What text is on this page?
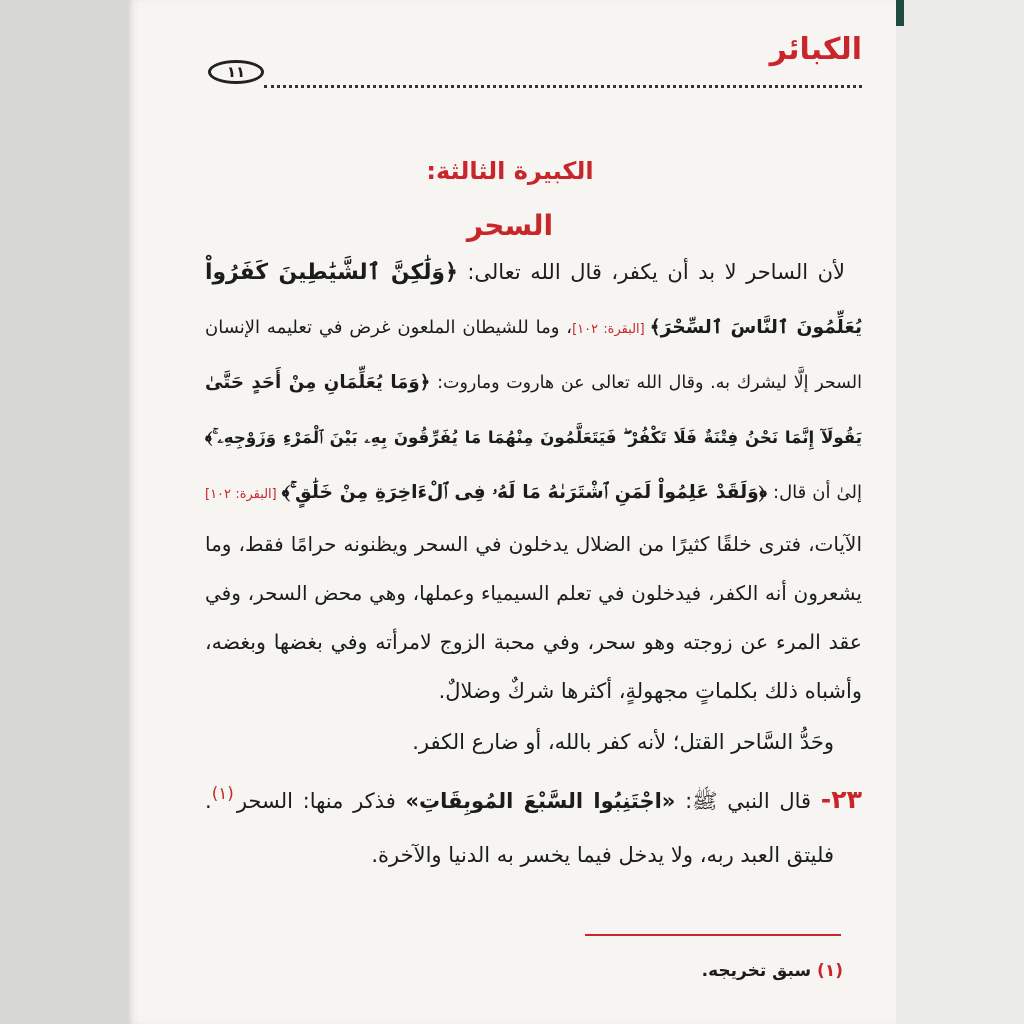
الكبائر
١١
الكبيرة الثالثة:
السحر
لأن الساحر لا بد أن يكفر، قال الله تعالى: ﴿وَلَٰكِنَّ ٱلشَّيَٰطِينَ كَفَرُواْ
يُعَلِّمُونَ ٱلنَّاسَ ٱلسِّحْرَ﴾[البقرة: ١٠٢]، وما للشيطان الملعون غرض في تعليمه الإنسان
السحر إلَّا ليشرك به. وقال الله تعالى عن هاروت وماروت: ﴿وَمَا يُعَلِّمَانِ مِنْ أَحَدٍ حَتَّىٰ
يَقُولَآ إِنَّمَا نَحْنُ فِتْنَةٌ فَلَا تَكْفُرْ ۖ فَيَتَعَلَّمُونَ مِنْهُمَا مَا يُفَرِّقُونَ بِهِۦ بَيْنَ ٱلْمَرْءِ وَزَوْجِهِۦ ۚ﴾
إلىٰ أن قال: ﴿وَلَقَدْ عَلِمُواْ لَمَنِ ٱشْتَرَىٰهُ مَا لَهُۥ فِى ٱلْءَاخِرَةِ مِنْ خَلَٰقٍ ۚ﴾[البقرة: ١٠٢]
الآيات، فترى خلقًا كثيرًا من الضلال يدخلون في السحر ويظنونه حرامًا فقط، وما
يشعرون أنه الكفر، فيدخلون في تعلم السيمياء وعملها، وهي محض السحر، وفي
عقد المرء عن زوجته وهو سحر، وفي محبة الزوج لامرأته وفي بغضها وبغضه،
وأشباه ذلك بكلماتٍ مجهولةٍ، أكثرها شركٌ وضلالٌ.
وحَدُّ السَّاحر القتل؛ لأنه كفر بالله، أو ضارع الكفر.
٢٣- قال النبي ﷺ: «اجْتَنِبُوا السَّبْعَ المُوبِقَاتِ» فذكر منها: السحر$^{(١)}$.
فليتق العبد ربه، ولا يدخل فيما يخسر به الدنيا والآخرة.
(١) سبق تخريجه.
